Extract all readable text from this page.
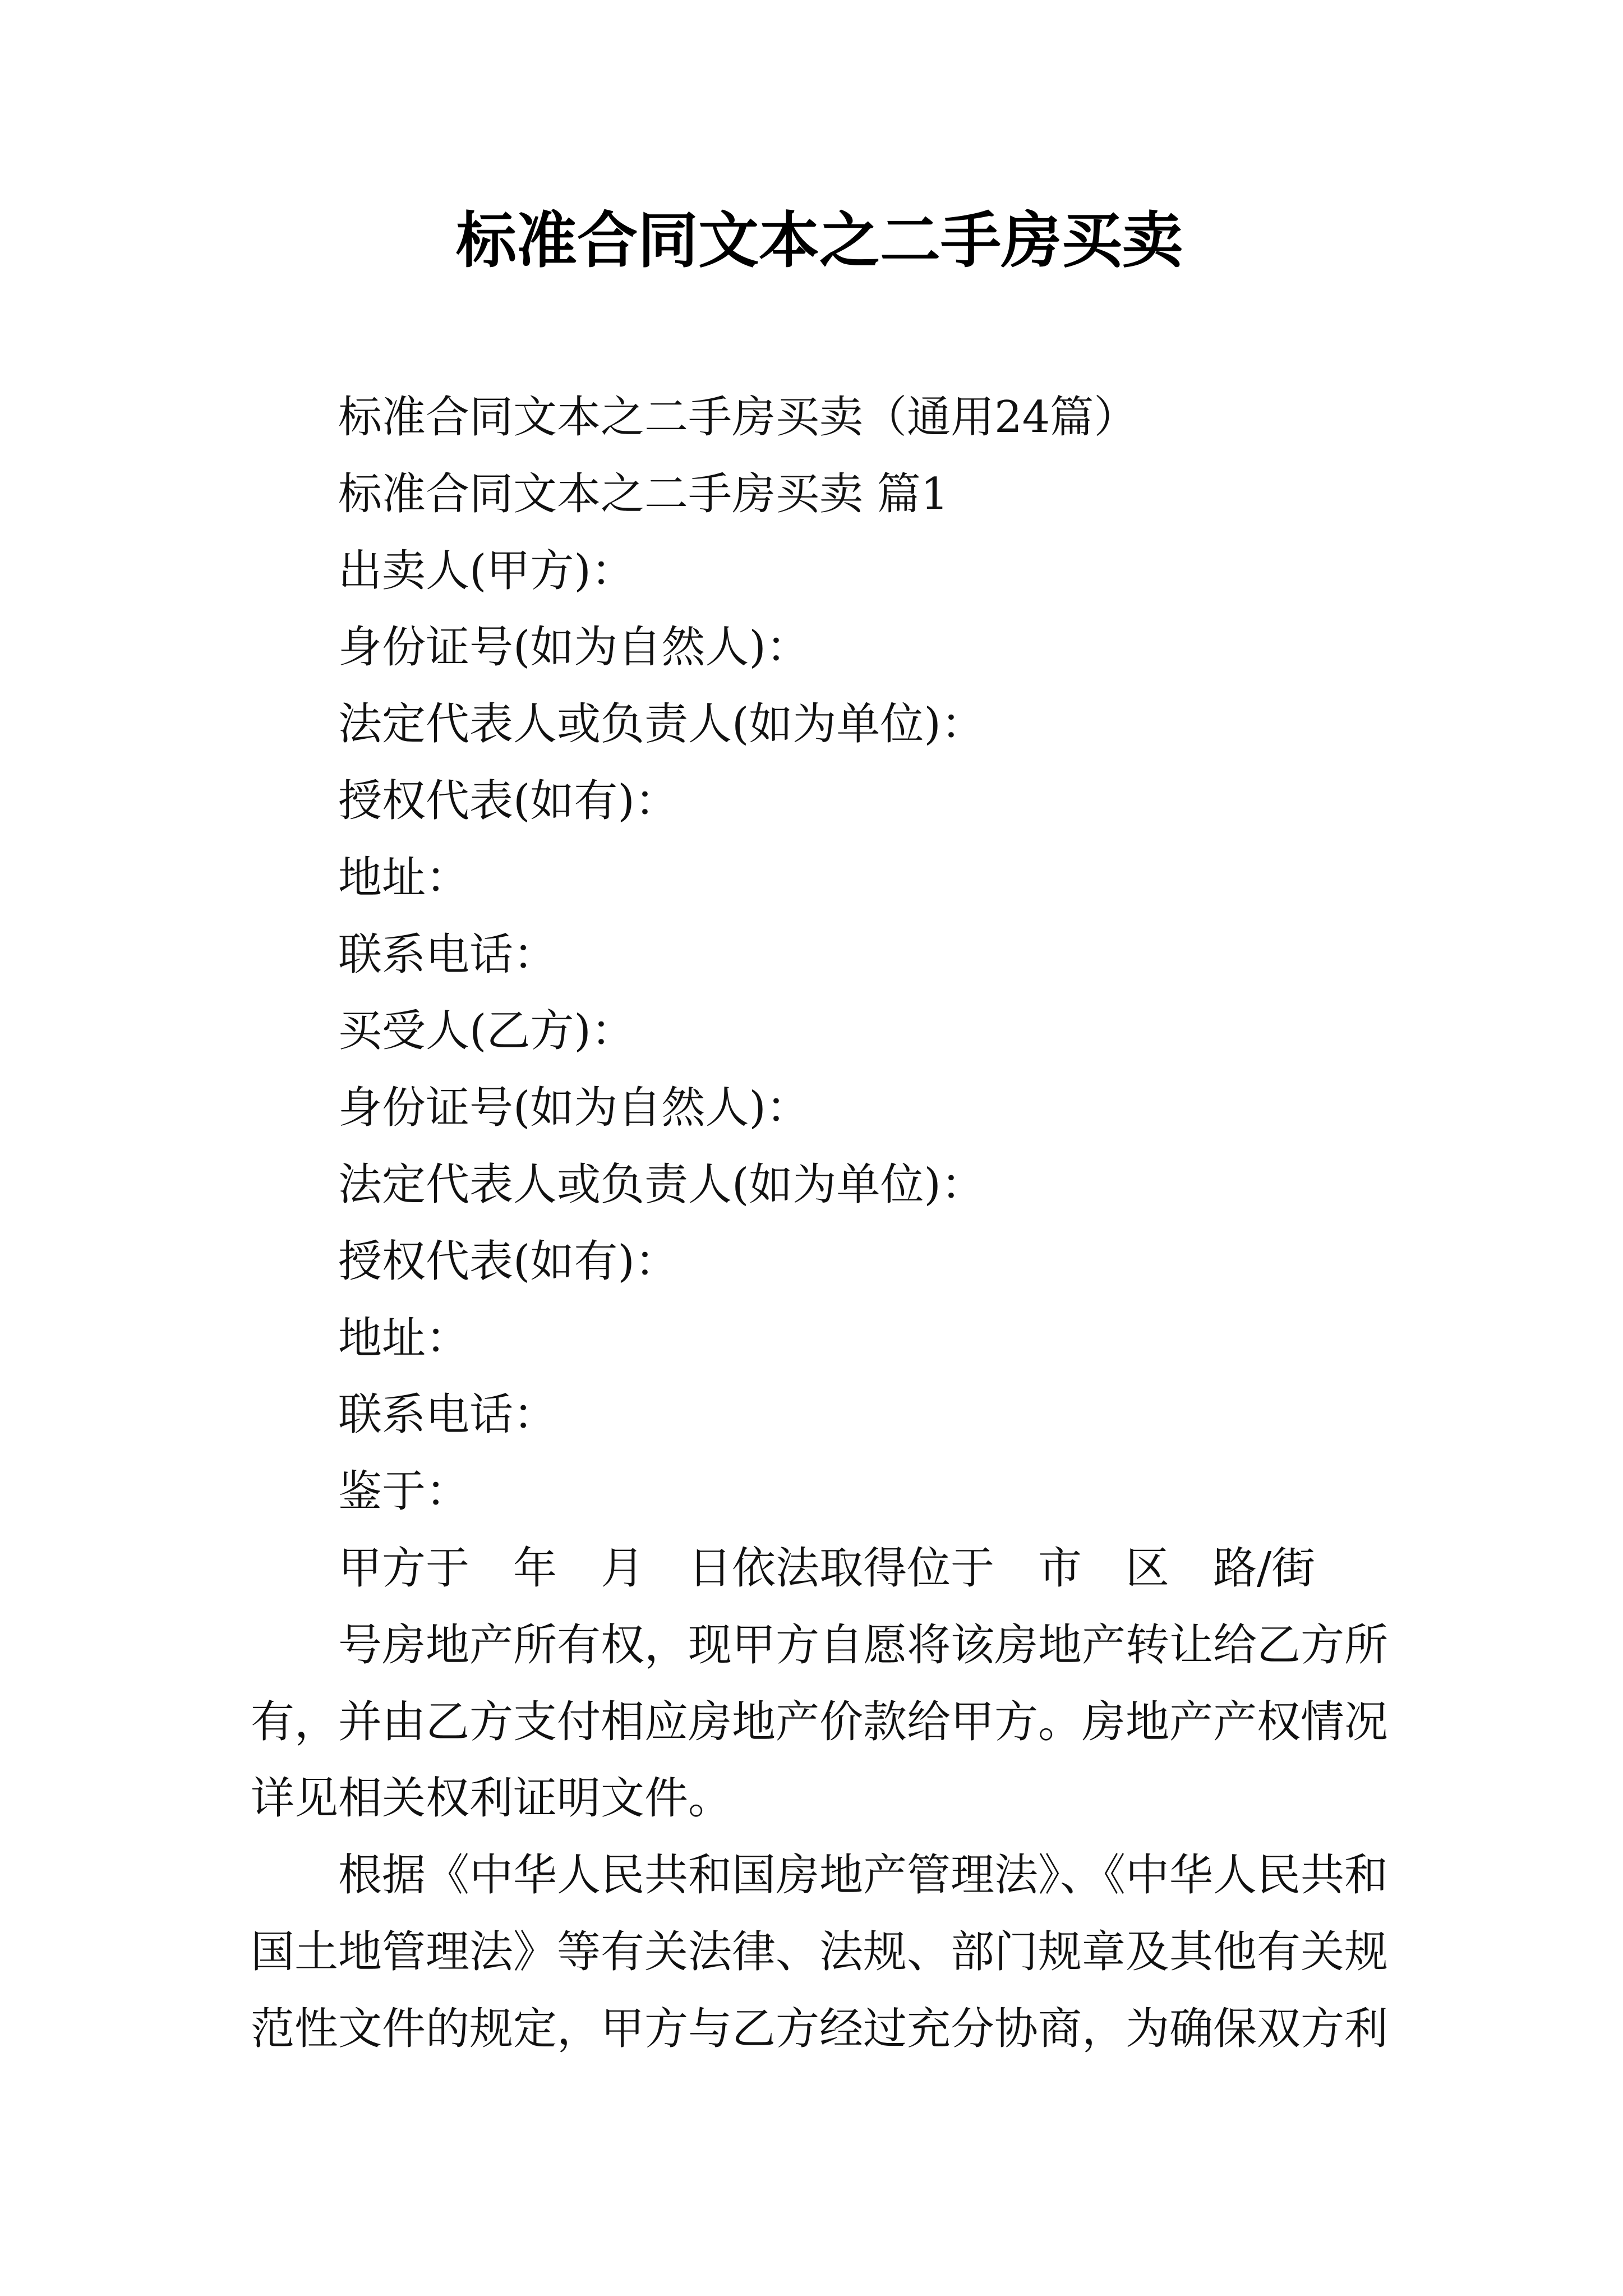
标准合同文本之二手房买卖
标准合同文本之二手房买卖（通用24篇）
标准合同文本之二手房买卖 篇1
出卖人(甲方)：
身份证号(如为自然人)：
法定代表人或负责人(如为单位)：
授权代表(如有)：
地址：
联系电话：
买受人(乙方)：
身份证号(如为自然人)：
法定代表人或负责人(如为单位)：
授权代表(如有)：
地址：
联系电话：
鉴于：
甲方于　年　月　日依法取得位于　市　区　路/街
号房地产所有权，现甲方自愿将该房地产转让给乙方所
有，并由乙方支付相应房地产价款给甲方。房地产产权情况
详见相关权利证明文件。
根据《中华人民共和国房地产管理法》、《中华人民共和
国土地管理法》等有关法律、法规、部门规章及其他有关规
范性文件的规定，甲方与乙方经过充分协商，为确保双方利
